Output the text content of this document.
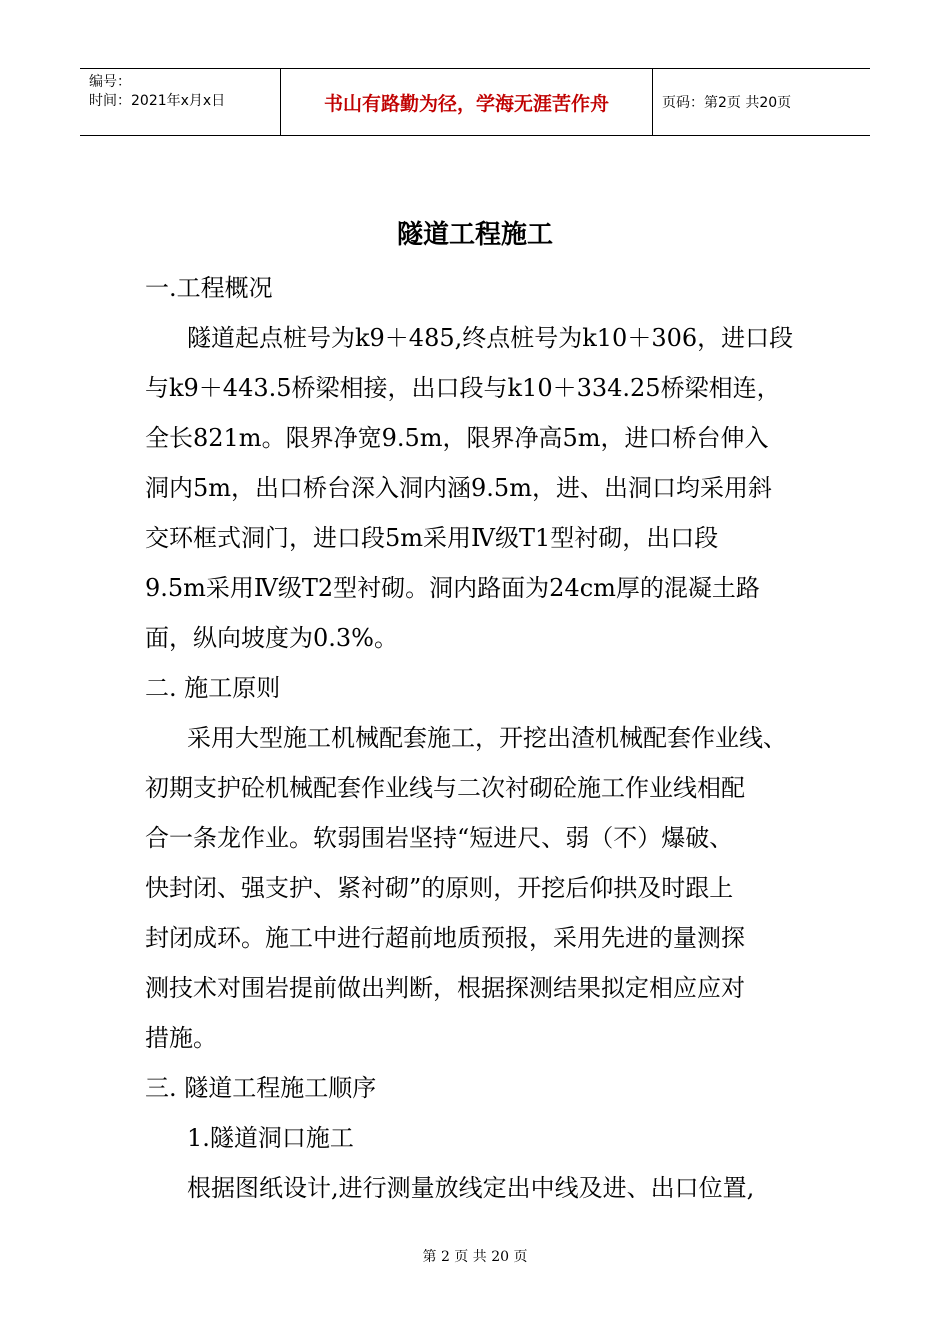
编号：
时间：2021年x月x日	书山有路勤为径，学海无涯苦作舟	页码：第2页 共20页
隧道工程施工
一.工程概况
隧道起点桩号为k9＋485,终点桩号为k10＋306，进口段
与k9＋443.5桥梁相接，出口段与k10＋334.25桥梁相连，
全长821m。限界净宽9.5m，限界净高5m，进口桥台伸入
洞内5m，出口桥台深入洞内涵9.5m，进、出洞口均采用斜
交环框式洞门，进口段5m采用Ⅳ级T1型衬砌，出口段
9.5m采用Ⅳ级T2型衬砌。洞内路面为24cm厚的混凝土路
面，纵向坡度为0.3%。
二. 施工原则
采用大型施工机械配套施工，开挖出渣机械配套作业线、
初期支护砼机械配套作业线与二次衬砌砼施工作业线相配
合一条龙作业。软弱围岩坚持“短进尺、弱（不）爆破、
快封闭、强支护、紧衬砌”的原则，开挖后仰拱及时跟上
封闭成环。施工中进行超前地质预报，采用先进的量测探
测技术对围岩提前做出判断，根据探测结果拟定相应应对
措施。
三. 隧道工程施工顺序
1.隧道洞口施工
根据图纸设计,进行测量放线定出中线及进、出口位置,
第 2 页 共 20 页
